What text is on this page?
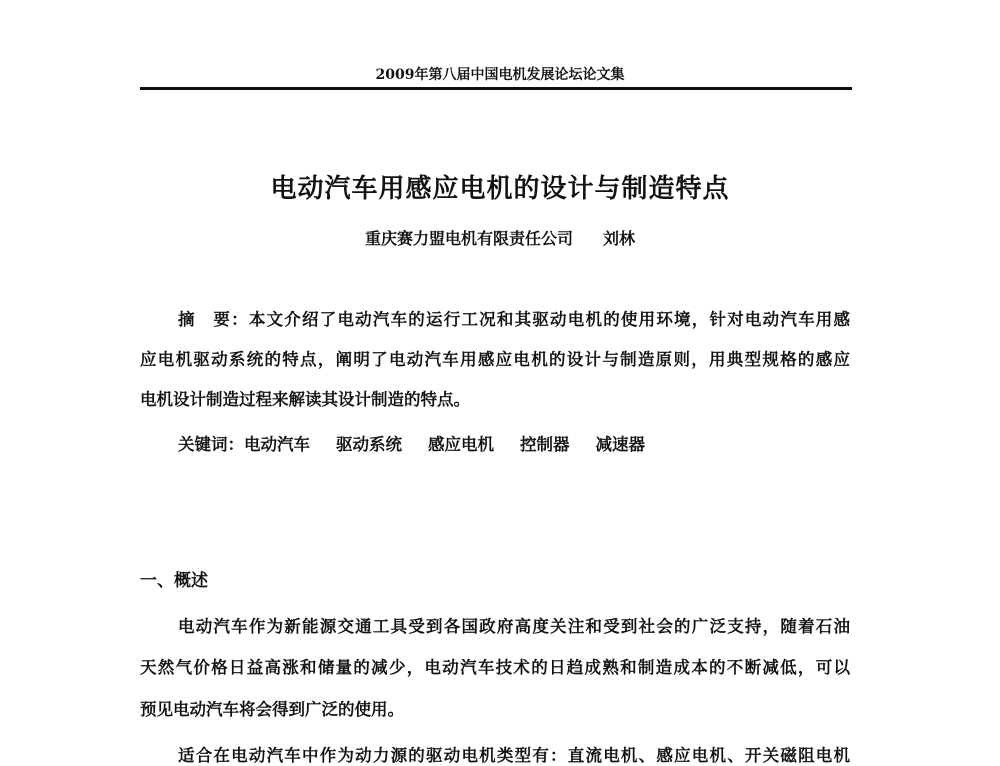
2009年第八届中国电机发展论坛论文集
电动汽车用感应电机的设计与制造特点
重庆赛力盟电机有限责任公司 刘林
摘　要：本文介绍了电动汽车的运行工况和其驱动电机的使用环境，针对电动汽车用感
应电机驱动系统的特点，阐明了电动汽车用感应电机的设计与制造原则，用典型规格的感应
电机设计制造过程来解读其设计制造的特点。
关键词：电动汽车 驱动系统 感应电机 控制器 减速器
一、概述
电动汽车作为新能源交通工具受到各国政府高度关注和受到社会的广泛支持，随着石油
天然气价格日益高涨和储量的减少，电动汽车技术的日趋成熟和制造成本的不断减低，可以
预见电动汽车将会得到广泛的使用。
适合在电动汽车中作为动力源的驱动电机类型有：直流电机、感应电机、开关磁阻电机
